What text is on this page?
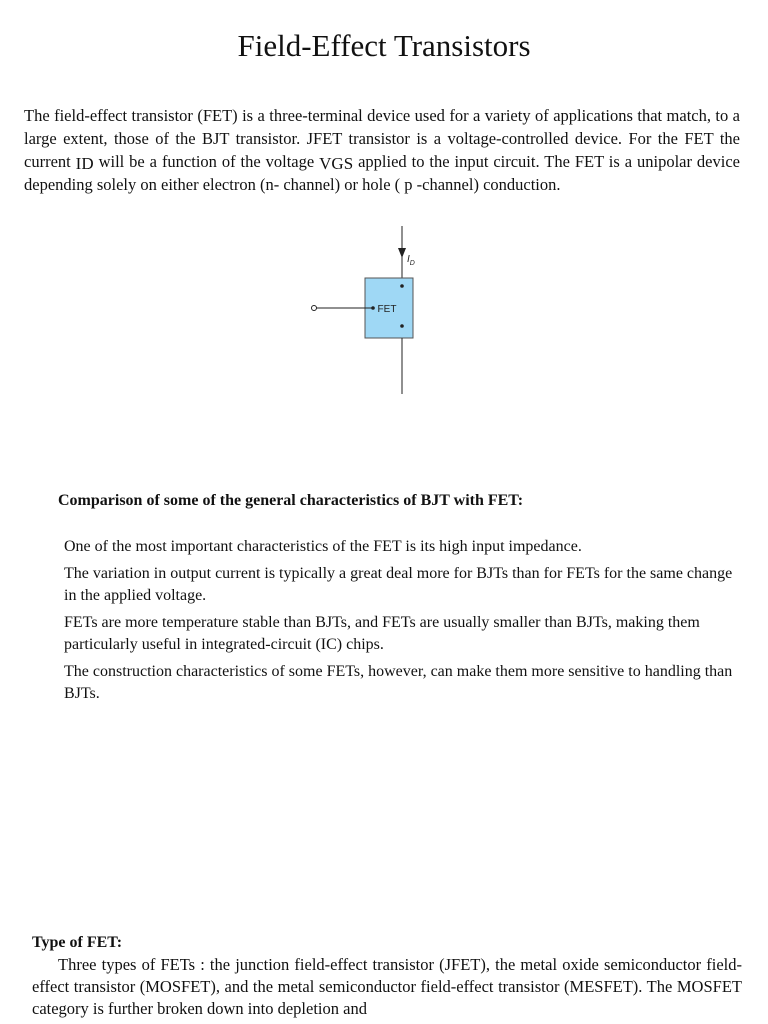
Field-Effect Transistors

The field-effect transistor (FET) is a three-terminal device used for a variety of applications that match, to a large extent, those of the BJT transistor. JFET transistor is a voltage-controlled device. For the FET the current ID will be a function of the voltage VGS applied to the input circuit. The FET is a unipolar device depending solely on either electron (n- channel) or hole ( p -channel) conduction.

$I_D$
FET
Comparison of some of the general characteristics of BJT with FET:
One of the most important characteristics of the FET is its high input impedance.
The variation in output current is typically a great deal more for BJTs than for FETs for the same change in the applied voltage.
FETs are more temperature stable than BJTs, and FETs are usually smaller than BJTs, making them particularly useful in integrated-circuit (IC) chips.
The construction characteristics of some FETs, however, can make them more sensitive to handling than BJTs.
Type of FET:

Three types of FETs : the junction field-effect transistor (JFET), the metal oxide semiconductor field-effect transistor (MOSFET), and the metal semiconductor field-effect transistor (MESFET). The MOSFET category is further broken down into depletion and
